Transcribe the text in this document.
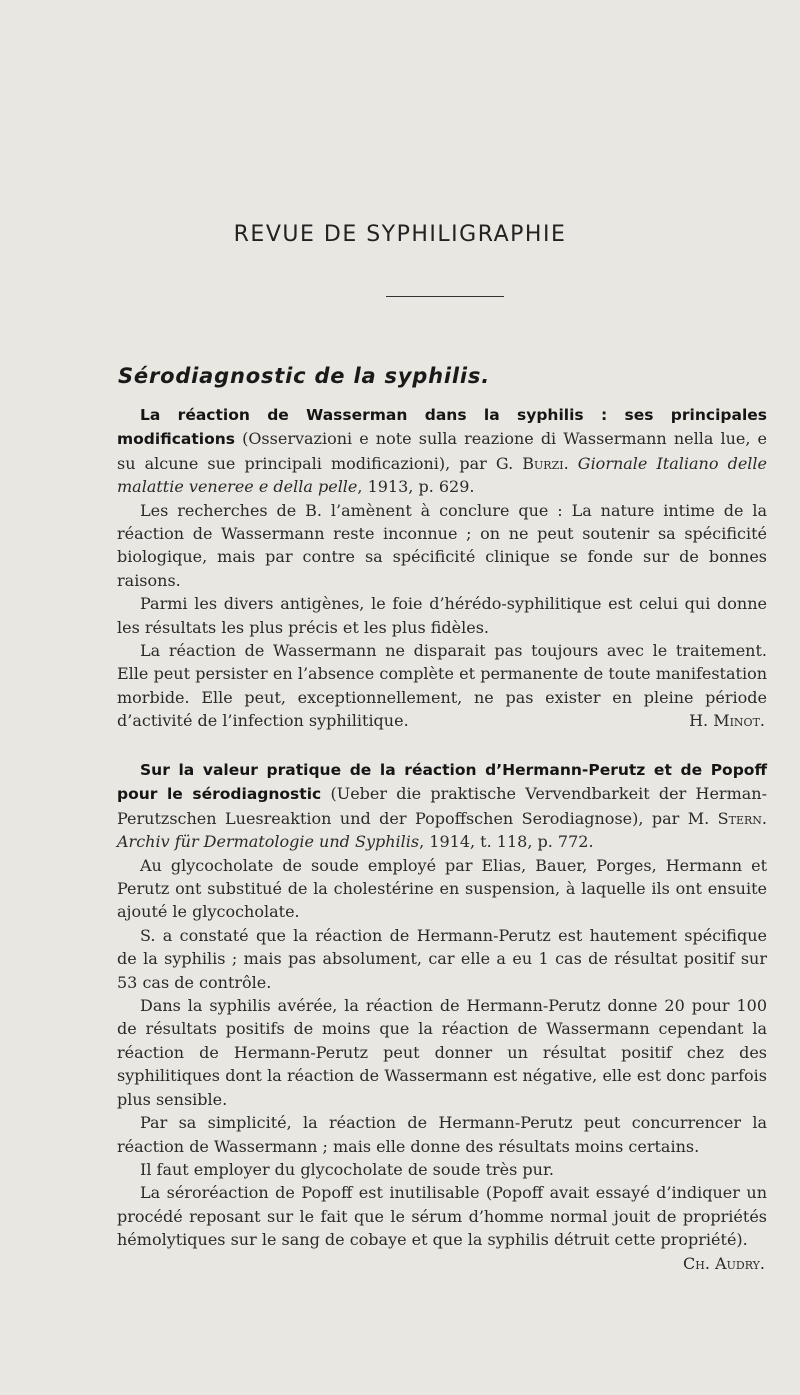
REVUE DE SYPHILIGRAPHIE
Sérodiagnostic de la syphilis.

La réaction de Wasserman dans la syphilis : ses principales modifications (Osservazioni e note sulla reazione di Wassermann nella lue, e su alcune sue principali modificazioni), par G. Burzi. Giornale Italiano delle malattie veneree e della pelle, 1913, p. 629.

Les recherches de B. l’amènent à conclure que : La nature intime de la réaction de Wassermann reste inconnue ; on ne peut soutenir sa spécificité biologique, mais par contre sa spécificité clinique se fonde sur de bonnes raisons.

Parmi les divers antigènes, le foie d’hérédo-syphilitique est celui qui donne les résultats les plus précis et les plus fidèles.

La réaction de Wassermann ne disparait pas toujours avec le traitement. Elle peut persister en l’absence complète et permanente de toute manifestation morbide. Elle peut, exceptionnellement, ne pas exister en pleine période d’activité de l’infection syphilitique.	H. Minot.

Sur la valeur pratique de la réaction d’Hermann-Perutz et de Popoff pour le sérodiagnostic (Ueber die praktische Vervendbarkeit der Herman-Perutzschen Luesreaktion und der Popoffschen Serodiagnose), par M. Stern. Archiv für Dermatologie und Syphilis, 1914, t. 118, p. 772.

Au glycocholate de soude employé par Elias, Bauer, Porges, Hermann et Perutz ont substitué de la cholestérine en suspension, à laquelle ils ont ensuite ajouté le glycocholate.

S. a constaté que la réaction de Hermann-Perutz est hautement spécifique de la syphilis ; mais pas absolument, car elle a eu 1 cas de résultat positif sur 53 cas de contrôle.

Dans la syphilis avérée, la réaction de Hermann-Perutz donne 20 pour 100 de résultats positifs de moins que la réaction de Wassermann cependant la réaction de Hermann-Perutz peut donner un résultat positif chez des syphilitiques dont la réaction de Wassermann est négative, elle est donc parfois plus sensible.

Par sa simplicité, la réaction de Hermann-Perutz peut concurrencer la réaction de Wassermann ; mais elle donne des résultats moins certains.

Il faut employer du glycocholate de soude très pur.

La séroréaction de Popoff est inutilisable (Popoff avait essayé d’indiquer un procédé reposant sur le fait que le sérum d’homme normal jouit de propriétés hémolytiques sur le sang de cobaye et que la syphilis détruit cette propriété).
Ch. Audry.
